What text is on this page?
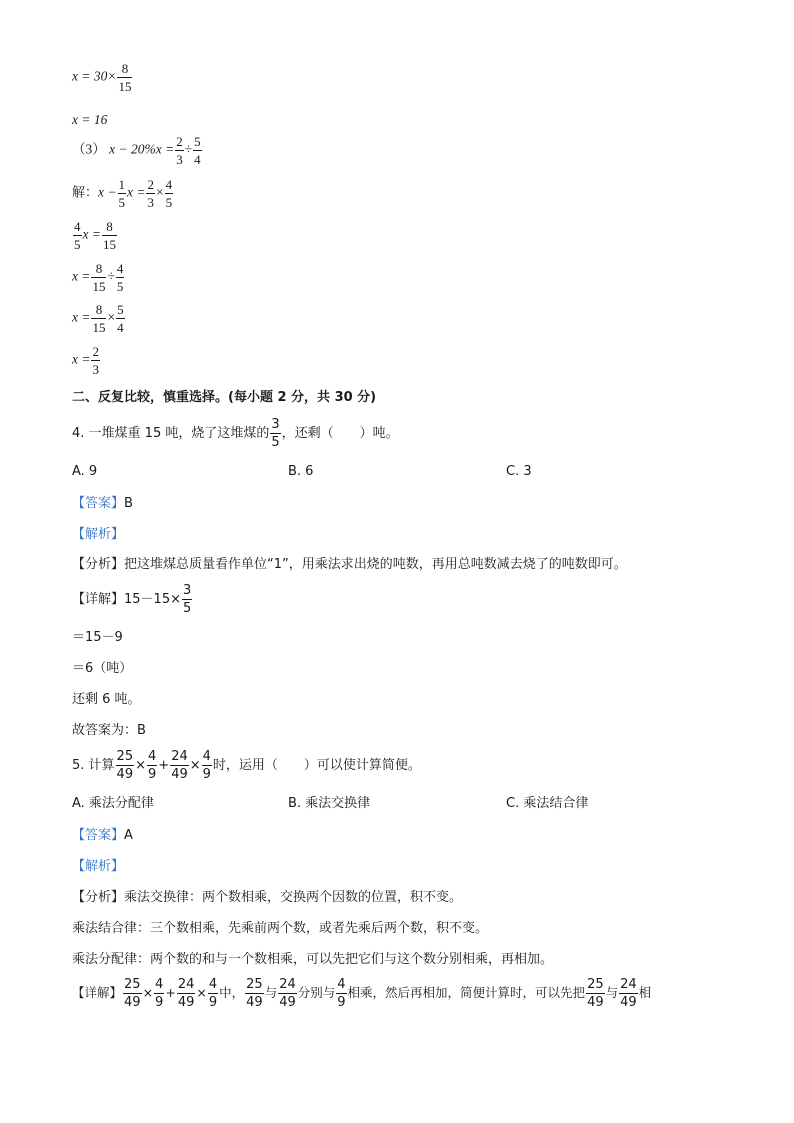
$x = 30\times \frac{8}{15}$
x = 16
（3） $x - 20\%x = \frac{2}{3} \div \frac{5}{4}$
解：$x - \frac{1}{5}$ $x = \frac{2}{3} \times \frac{4}{5}$
$\frac{4}{5}$ $x = \frac{8}{15}$
$x = \frac{8}{15} \div \frac{4}{5}$
$x = \frac{8}{15} \times \frac{5}{4}$
$x = \frac{2}{3}$
二、反复比较，慎重选择。(每小题 2 分，共 30 分)
4. 一堆煤重 15 吨，烧了这堆煤的 $\frac{3}{5}$ ，还剩（　　）吨。
A. 9	B. 6	C. 3
【答案】B
【解析】
【分析】把这堆煤总质量看作单位“1”，用乘法求出烧的吨数，再用总吨数减去烧了的吨数即可。
【详解】$15-15\times \frac{3}{5}$
＝15－9
＝6（吨）
还剩 6 吨。
故答案为：B
5. 计算 $\frac{25}{49} \times \frac{4}{9} + \frac{24}{49} \times \frac{4}{9}$ 时，运用（　　）可以使计算简便。
A. 乘法分配律	B. 乘法交换律	C. 乘法结合律
【答案】A
【解析】
【分析】乘法交换律：两个数相乘，交换两个因数的位置，积不变。
乘法结合律：三个数相乘，先乘前两个数，或者先乘后两个数，积不变。
乘法分配律：两个数的和与一个数相乘，可以先把它们与这个数分别相乘，再相加。
【详解】 $\frac{25}{49} \times \frac{4}{9} + \frac{24}{49} \times \frac{4}{9}$ 中， $\frac{25}{49}$ 与 $\frac{24}{49}$ 分别与 $\frac{4}{9}$ 相乘，然后再相加，简便计算时，可以先把 $\frac{25}{49}$ 与 $\frac{24}{49}$ 相
